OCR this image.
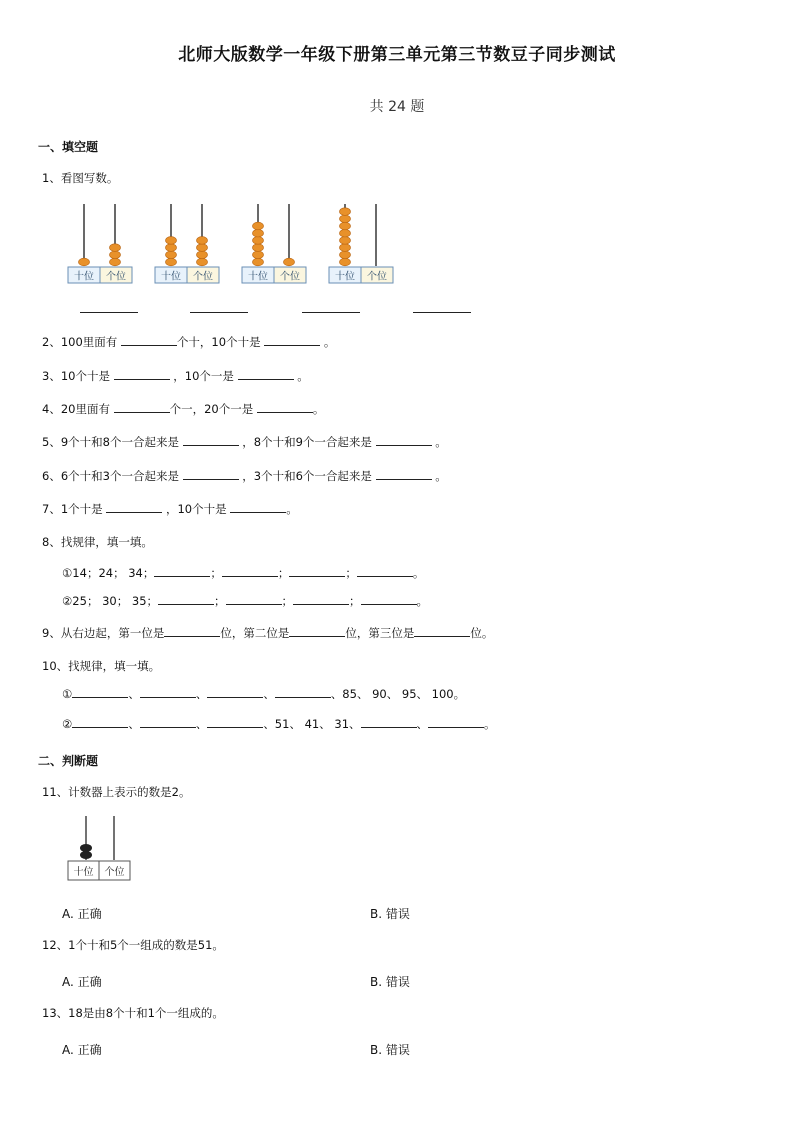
北师大版数学一年级下册第三单元第三节数豆子同步测试
共 24 题
一、填空题
1、看图写数。
十位 个位	十位 个位	十位 个位	十位 个位
2、100里面有	个十，10个十是	。
3、10个十是	，10个一是	。
4、20里面有	个一，20个一是	。
5、9个十和8个一合起来是	，8个十和9个一合起来是	。
6、6个十和3个一合起来是	，3个十和6个一合起来是	。
7、1个十是	，10个十是	。
8、找规律，填一填。
①14；24； 34；	；	；	；	。
②25； 30； 35；	；	；	；	。
9、从右边起，第一位是	位，第二位是	位，第三位是	位。
10、找规律，填一填。
①	、	、	、	、85、 90、 95、 100。
②	、	、	、51、 41、 31、	、	。
二、判断题
11、计数器上表示的数是2。
十位 个位
A. 正确	B. 错误
12、1个十和5个一组成的数是51。
A. 正确	B. 错误
13、18是由8个十和1个一组成的。
A. 正确	B. 错误
